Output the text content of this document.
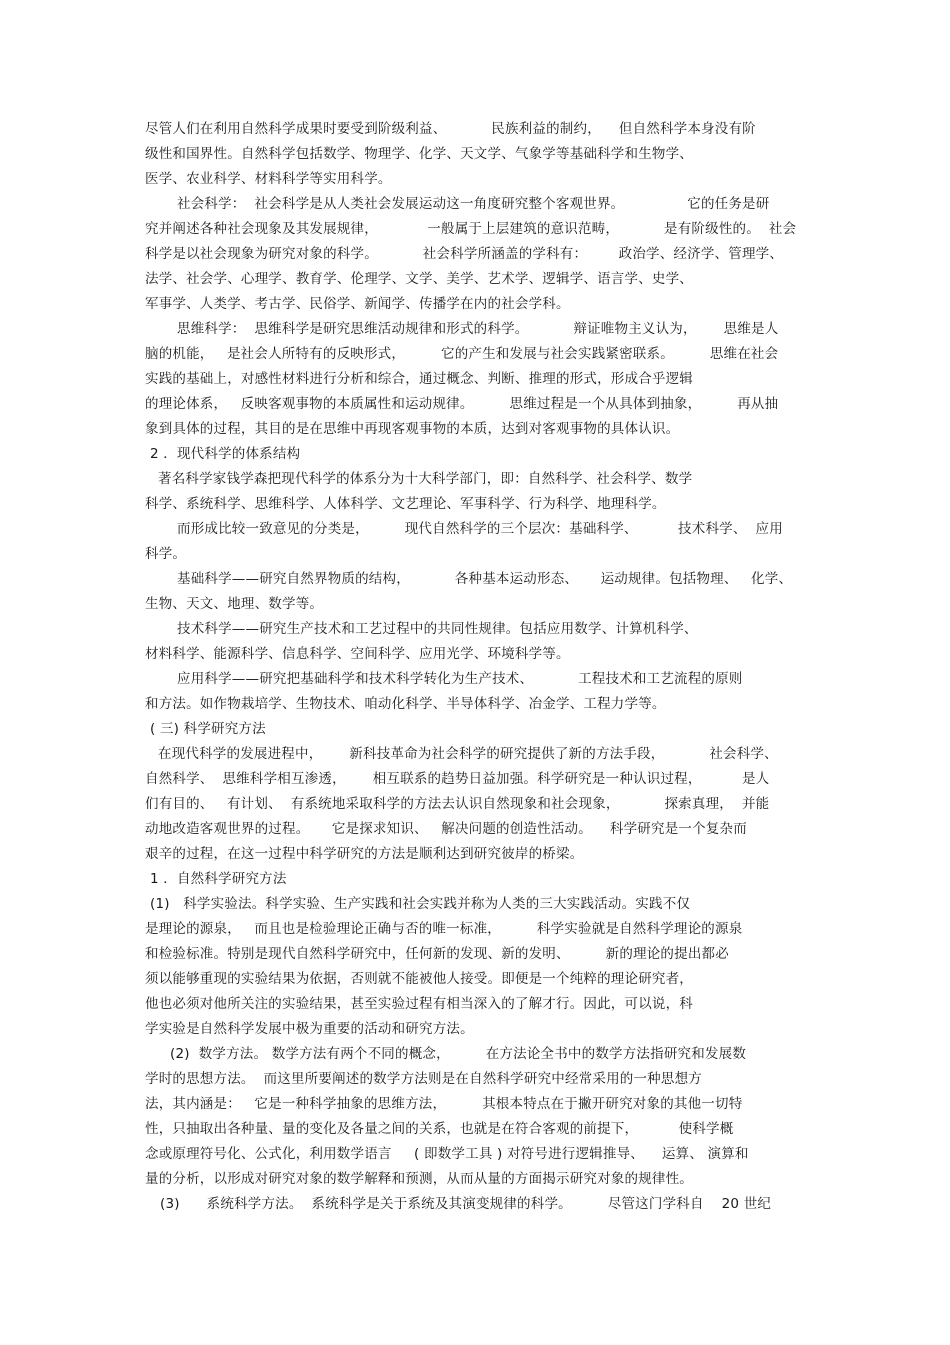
尽管人们在利用自然科学成果时要受到阶级利益、          民族利益的制约，    但自然科学本身没有阶
级性和国界性。自然科学包括数学、物理学、化学、天文学、气象学等基础科学和生物学、
医学、农业科学、材料科学等实用科学。
社会科学：  社会科学是从人类社会发展运动这一角度研究整个客观世界。              它的任务是研
究并阐述各种社会现象及其发展规律，           一般属于上层建筑的意识范畴，          是有阶级性的。  社会
科学是以社会现象为研究对象的科学。          社会科学所涵盖的学科有：       政治学、经济学、管理学、
法学、社会学、心理学、教育学、伦理学、文学、美学、艺术学、逻辑学、语言学、史学、
军事学、人类学、考古学、民俗学、新闻学、传播学在内的社会学科。
思维科学：  思维科学是研究思维活动规律和形式的科学。          辩证唯物主义认为，      思维是人
脑的机能，   是社会人所特有的反映形式，        它的产生和发展与社会实践紧密联系。        思维在社会
实践的基础上，对感性材料进行分析和综合，通过概念、判断、推理的形式，形成合乎逻辑
的理论体系，   反映客观事物的本质属性和运动规律。        思维过程是一个从具体到抽象，        再从抽
象到具体的过程，其目的是在思维中再现客观事物的本质，达到对客观事物的具体认识。
2 ．现代科学的体系结构
著名科学家钱学森把现代科学的体系分为十大科学部门，即：自然科学、社会科学、数学
科学、系统科学、思维科学、人体科学、文艺理论、军事科学、行为科学、地理科学。
而形成比较一致意见的分类是，        现代自然科学的三个层次：基础科学、         技术科学、  应用
科学。
基础科学——研究自然界物质的结构，          各种基本运动形态、     运动规律。包括物理、   化学、
生物、天文、地理、数学等。
技术科学——研究生产技术和工艺过程中的共同性规律。包括应用数学、计算机科学、
材料科学、能源科学、信息科学、空间科学、应用光学、环境科学等。
应用科学——研究把基础科学和技术科学转化为生产技术、          工程技术和工艺流程的原则
和方法。如作物栽培学、生物技术、咱动化科学、半导体科学、冶金学、工程力学等。
( 三) 科学研究方法
在现代科学的发展进程中，      新科技革命为社会科学的研究提供了新的方法手段，          社会科学、
自然科学、  思维科学相互渗透，      相互联系的趋势日益加强。科学研究是一种认识过程，         是人
们有目的、   有计划、  有系统地采取科学的方法去认识自然现象和社会现象，          探索真理，  并能
动地改造客观世界的过程。     它是探求知识、   解决问题的创造性活动。    科学研究是一个复杂而
艰辛的过程，在这一过程中科学研究的方法是顺利达到研究彼岸的桥梁。
1 ．自然科学研究方法
(1)   科学实验法。科学实验、生产实践和社会实践并称为人类的三大实践活动。实践不仅
是理论的源泉，   而且也是检验理论正确与否的唯一标准，        科学实验就是自然科学理论的源泉
和检验标准。特别是现代自然科学研究中，任何新的发现、新的发明、        新的理论的提出都必
须以能够重现的实验结果为依据，否则就不能被他人接受。即便是一个纯粹的理论研究者，
他也必须对他所关注的实验结果，甚至实验过程有相当深入的了解才行。因此，可以说，科
学实验是自然科学发展中极为重要的活动和研究方法。
(2)  数学方法。 数学方法有两个不同的概念，        在方法论全书中的数学方法指研究和发展数
学时的思想方法。  而这里所要阐述的数学方法则是在自然科学研究中经常采用的一种思想方
法，其内涵是：   它是一种科学抽象的思维方法，        其根本特点在于撇开研究对象的其他一切特
性，只抽取出各种量、量的变化及各量之间的关系，也就是在符合客观的前提下，         使科学概
念或原理符号化、公式化，利用数学语言     ( 即数学工具 ) 对符号进行逻辑推导、    运算、 演算和
量的分析，以形成对研究对象的数学解释和预测，从而从量的方面揭示研究对象的规律性。
(3)      系统科学方法。  系统科学是关于系统及其演变规律的科学。        尽管这门学科自    20 世纪
